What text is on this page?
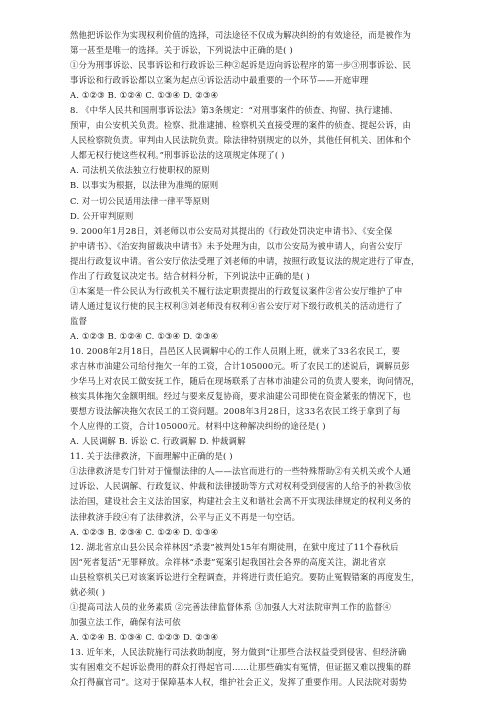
然他把诉讼作为实现权利价值的选择，司法途径不仅成为解决纠纷的有效途径，而是被作为
第一甚至是唯一的选择。关于诉讼，下列说法中正确的是( )
①分为刑事诉讼、民事诉讼和行政诉讼三种②起诉是迈向诉讼程序的第一步③刑事诉讼、民
事诉讼和行政诉讼都以立案为起点④诉讼活动中最重要的一个环节——开庭审理
A. ①②③ B. ①②④ C. ①③④ D. ②③④
8. 《中华人民共和国刑事诉讼法》第3条规定：“对刑事案件的侦查、拘留、执行逮捕、
预审，由公安机关负责。检察、批准逮捕、检察机关直接受理的案件的侦查、提起公诉，由
人民检察院负责。审判由人民法院负责。除法律特别规定的以外，其他任何机关、团体和个
人都无权行使这些权利。”刑事诉讼法的这项规定体现了( )
A. 司法机关依法独立行使职权的原则
B. 以事实为根据，以法律为准绳的原则
C. 对一切公民适用法律一律平等原则
D. 公开审判原则
9. 2000年1月28日，刘老师以市公安局对其提出的《行政处罚决定申请书》、《安全保
护申请书》、《治安拘留裁决申请书》未予处理为由，以市公安局为被申请人，向省公安厅
提出行政复议申请。省公安厅依法受理了刘老师的申请，按照行政复议法的规定进行了审查，
作出了行政复议决定书。结合材料分析，下列说法中正确的是( )
①本案是一件公民认为行政机关不履行法定职责提出的行政复议案件②省公安厅维护了申
请人通过复议行使的民主权利③刘老师没有权利④省公安厅对下级行政机关的活动进行了
监督
A. ①②③ B. ①②④ C. ①③④ D. ②③④
10. 2008年2月18日，昌邑区人民调解中心的工作人员刚上班，就来了33名农民工，要
求吉林市油建公司给付拖欠一年的工资，合计105000元。听了农民工的述说后，调解员彭
少华马上对农民工做安抚工作，随后在现场联系了吉林市油建公司的负责人要来，询问情况，
核实具体拖欠金额明细。经过与要来反复协商，要求油建公司即使在资金紧张的情况下，也
要想方设法解决拖欠农民工的工资问题。2008年3月28日，这33名农民工终于拿到了每
个人应得的工资，合计105000元。材料中这种解决纠纷的途径是( )
A. 人民调解 B. 诉讼 C. 行政调解 D. 仲裁调解
11. 关于法律救济，下面理解中正确的是( )
①法律救济是专门针对于憧憬法律的人——法官而进行的一些特殊帮助②有关机关或个人通
过诉讼、人民调解、行政复议、仲裁和法律援助等方式对权利受到侵害的人给予的补救③依
法治国，建设社会主义法治国家，构建社会主义和谐社会离不开实现法律规定的权利义务的
法律救济手段④有了法律救济，公平与正义不再是一句空话。
A. ①②③ B. ②③④ C. ①②④ D. ①③④
12. 湖北省京山县公民佘祥林因“杀妻”被判处15年有期徒刑，在狱中度过了11个春秋后
因“死者复活”无罪释放。佘祥林“杀妻”冤案引起我国社会各界的高度关注，湖北省京
山县检察机关已对该案诉讼进行全程调查，并将进行责任追究。要防止冤假错案的再度发生，
就必须( )
①提高司法人员的业务素质 ②完善法律监督体系 ③加强人大对法院审判工作的监督④
加强立法工作，确保有法可依
A. ①②④ B. ①③④ C. ①②③ D. ②③④
13. 近年来，人民法院施行司法救助制度，努力做到“让那些合法权益受到侵害、但经济确
实有困难交不起诉讼费用的群众打得起官司……让那些确实有冤情，但证据又难以搜集的群
众打得赢官司”。这对于保障基本人权，维护社会正义，发挥了重要作用。人民法院对弱势
